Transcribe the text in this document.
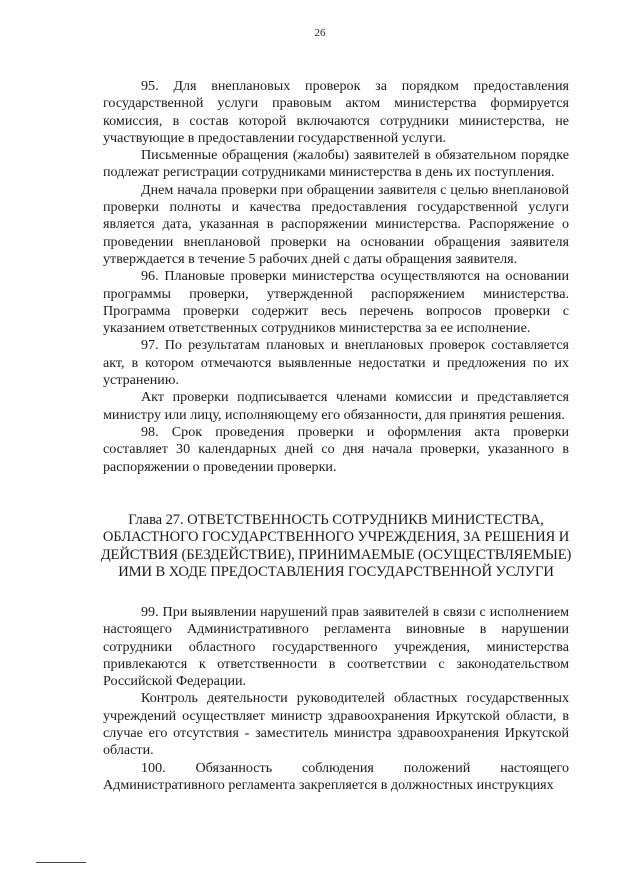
26

95. Для внеплановых проверок за порядком предоставления государственной услуги правовым актом министерства формируется комиссия, в состав которой включаются сотрудники министерства, не участвующие в предоставлении государственной услуги.

Письменные обращения (жалобы) заявителей в обязательном порядке подлежат регистрации сотрудниками министерства в день их поступления.

Днем начала проверки при обращении заявителя с целью внеплановой проверки полноты и качества предоставления государственной услуги является дата, указанная в распоряжении министерства. Распоряжение о проведении внеплановой проверки на основании обращения заявителя утверждается в течение 5 рабочих дней с даты обращения заявителя.

96. Плановые проверки министерства осуществляются на основании программы проверки, утвержденной распоряжением министерства. Программа проверки содержит весь перечень вопросов проверки с указанием ответственных сотрудников министерства за ее исполнение.

97. По результатам плановых и внеплановых проверок составляется акт, в котором отмечаются выявленные недостатки и предложения по их устранению.

Акт проверки подписывается членами комиссии и представляется министру или лицу, исполняющему его обязанности, для принятия решения.

98. Срок проведения проверки и оформления акта проверки составляет 30 календарных дней со дня начала проверки, указанного в распоряжении о проведении проверки.

Глава 27. ОТВЕТСТВЕННОСТЬ СОТРУДНИКВ МИНИСТЕСТВА, ОБЛАСТНОГО ГОСУДАРСТВЕННОГО УЧРЕЖДЕНИЯ, ЗА РЕШЕНИЯ И ДЕЙСТВИЯ (БЕЗДЕЙСТВИЕ), ПРИНИМАЕМЫЕ (ОСУЩЕСТВЛЯЕМЫЕ) ИМИ В ХОДЕ ПРЕДОСТАВЛЕНИЯ ГОСУДАРСТВЕННОЙ УСЛУГИ

99. При выявлении нарушений прав заявителей в связи с исполнением настоящего Административного регламента виновные в нарушении сотрудники областного государственного учреждения, министерства привлекаются к ответственности в соответствии с законодательством Российской Федерации.

Контроль деятельности руководителей областных государственных учреждений осуществляет министр здравоохранения Иркутской области, в случае его отсутствия - заместитель министра здравоохранения Иркутской области.

100. Обязанность соблюдения положений настоящего Административного регламента закрепляется в должностных инструкциях
